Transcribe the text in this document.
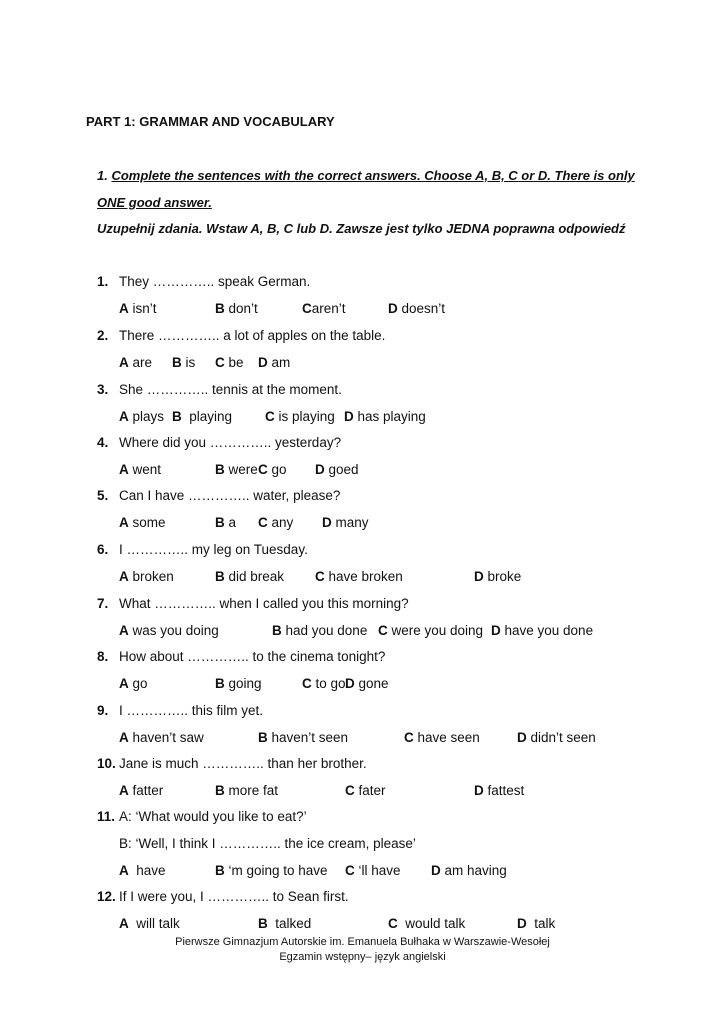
PART 1: GRAMMAR AND VOCABULARY
1. Complete the sentences with the correct answers. Choose A, B, C or D. There is only
ONE good answer.
Uzupełnij zdania. Wstaw A, B, C lub D. Zawsze jest tylko JEDNA poprawna odpowiedź
1. They ………….. speak German.
A isn’t	B don’t	Caren’t	D doesn’t
2. There ………….. a lot of apples on the table.
A are B is C be D am
3. She ………….. tennis at the moment.
A plays B  playing C is playing D has playing
4. Where did you ………….. yesterday?
A went	B were C go D goed
5. Can I have ………….. water, please?
A some	B a C any D many
6. I ………….. my leg on Tuesday.
A broken	B did break C have broken	D broke
7. What ………….. when I called you this morning?
A was you doing	B had you done C were you doing D have you done
8. How about ………….. to the cinema tonight?
A go	B going	C to go D gone
9. I ………….. this film yet.
A haven’t saw	B haven’t seen	C have seen	D didn’t seen
10. Jane is much ………….. than her brother.
A fatter	B more fat	C fater	D fattest
11. A: ‘What would you like to eat?’
B: ‘Well, I think I ………….. the ice cream, please’
A  have	B ‘m going to have C ‘ll have D am having
12. If I were you, I ………….. to Sean first.
A  will talk	B  talked	C  would talk	D  talk
Pierwsze Gimnazjum Autorskie im. Emanuela Bułhaka w Warszawie-Wesołej
Egzamin wstępny– język angielski
